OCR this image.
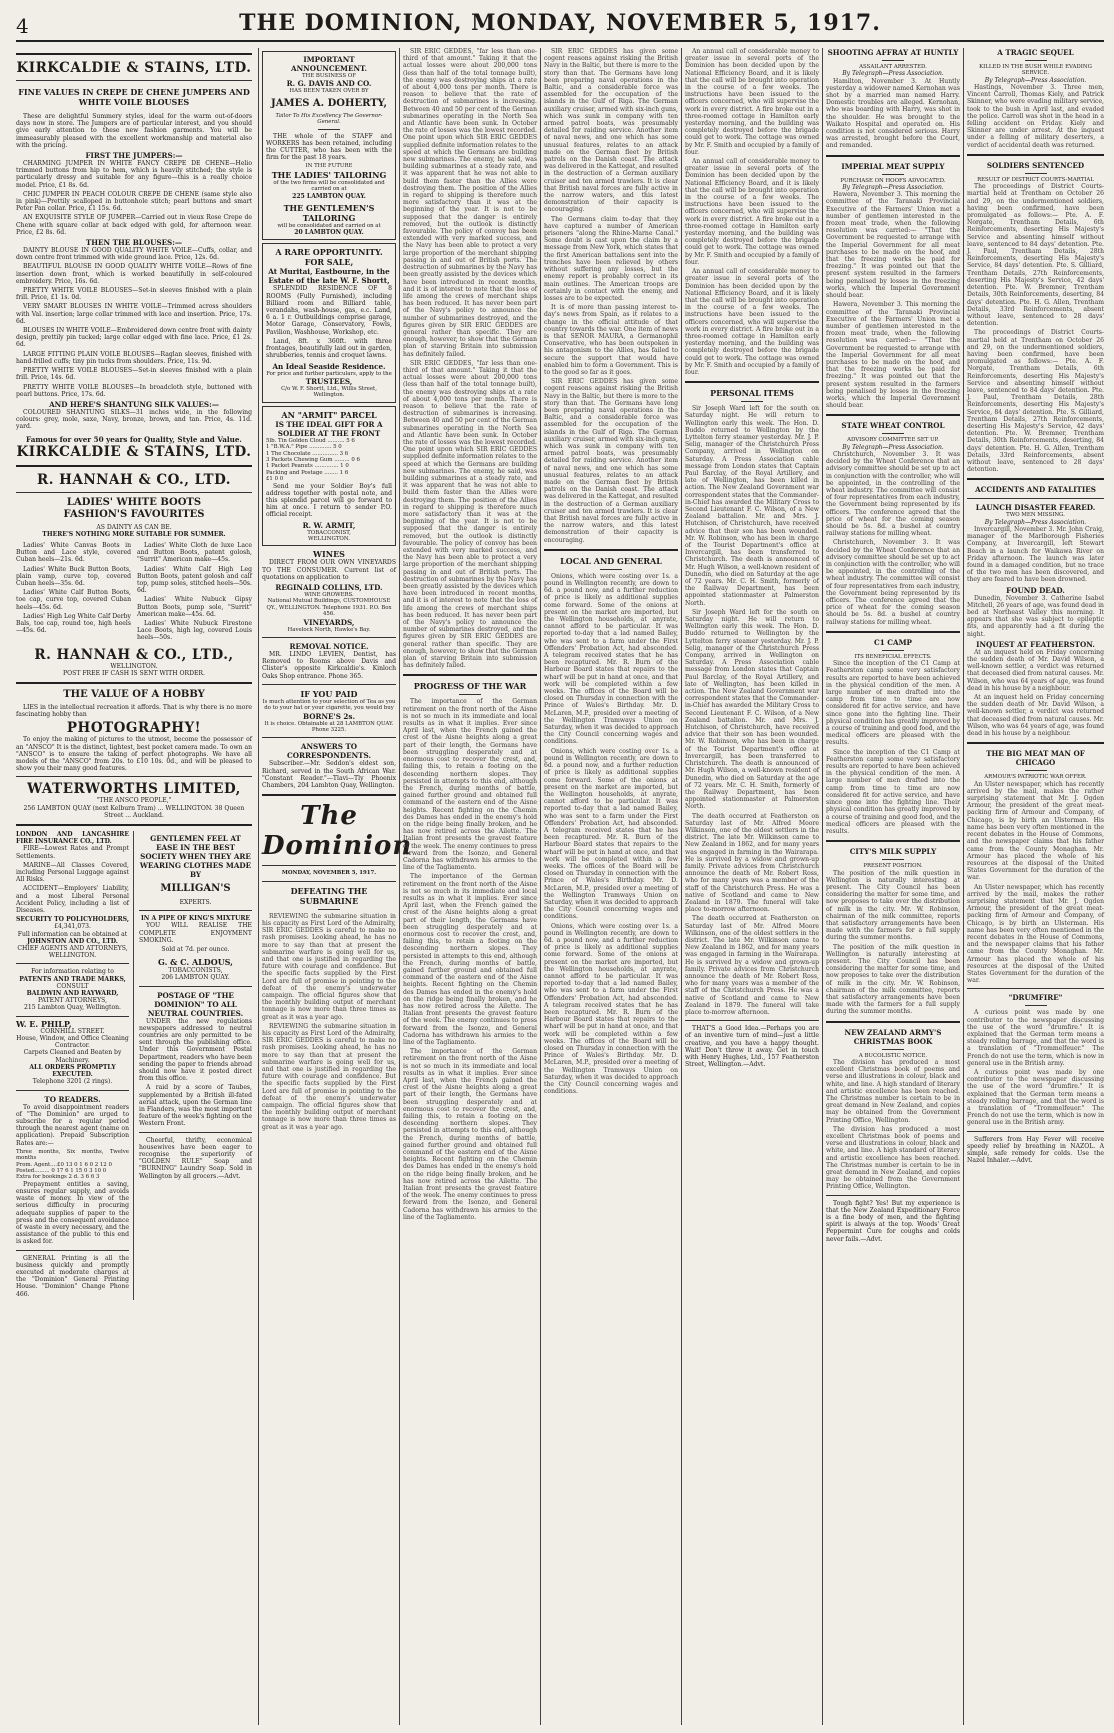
4	THE DOMINION, MONDAY, NOVEMBER 5, 1917.
KIRKCALDIE & STAINS, LTD.
FINE VALUES IN CREPE DE CHENE JUMPERS AND WHITE VOILE BLOUSES

These are delightful Summery styles, ideal for the warm out-of-doors days now in store. The Jumpers are of particular interest, and you should give early attention to these new fashion garments. You will be immeasurably pleased with the excellent workmanship and material also with the pricing.

FIRST THE JUMPERS:—

CHARMING JUMPER IN WHITE FANCY CREPE DE CHENE—Helio trimmed buttons from hip to hem, which is heavily stitched; the style is particularly dressy and suitable for any figure—this is a really choice model. Price, £1 8s. 6d.

CHIC JUMPER IN PEACH COLOUR CREPE DE CHENE (same style also in pink)—Prettily scalloped in buttonhole stitch; pearl buttons and smart Peter Pan collar. Price, £1 15s. 6d.

AN EXQUISITE STYLE OF JUMPER—Carried out in vieux Rose Crepe de Chene with square collar at back edged with gold, for afternoon wear. Price, £2 8s. 6d.

THEN THE BLOUSES:—

DAINTY BLOUSE IN GOOD QUALITY WHITE VOILE—Cuffs, collar, and down centre front trimmed with wide ground lace. Price, 12s. 6d.

BEAUTIFUL BLOUSE IN GOOD QUALITY WHITE VOILE—Rows of fine insertion down front, which is worked beautifully in self-coloured embroidery. Price, 16s. 6d.

PRETTY WHITE VOILE BLOUSES—Set-in sleeves finished with a plain frill. Price, £1 1s. 0d.

VERY SMART BLOUSES IN WHITE VOILE—Trimmed across shoulders with Val. insertion; large collar trimmed with lace and insertion. Price, 17s. 6d.

BLOUSES IN WHITE VOILE—Embroidered down centre front with dainty design, prettily pin tucked; large collar edged with fine lace. Price, £1 2s. 6d.

LARGE FITTING PLAIN VOILE BLOUSES—Raglan sleeves, finished with hand-frilled cuffs; tiny pin tucks from shoulders. Price, 11s. 9d.

PRETTY WHITE VOILE BLOUSES—Set-in sleeves finished with a plain frill. Price, 14s. 6d.

PRETTY WHITE VOILE BLOUSES—In broadcloth style, buttoned with pearl buttons. Price, 17s. 6d.

AND HERE'S SHANTUNG SILK VALUES:—

COLOURED SHANTUNG SILKS—31 inches wide, in the following colours: grey, mole, saxe, Navy, bronze, brown, and tan. Price, 4s. 11d. yard.

Famous for over 50 years for Quality, Style and Value.
KIRKCALDIE & STAINS, LTD.
R. HANNAH & CO., LTD.
LADIES' WHITE BOOTS
FASHION'S FAVOURITES
AS DAINTY AS CAN BE.
THERE'S NOTHING MORE SUITABLE FOR SUMMER.

Ladies' White Canvas Boots in Button and Lace style, covered Cuban heels—21s. 6d.

Ladies' White Buck Button Boots, plain vamp, curve top, covered Cuban heels—35s. 6d.

Ladies' White Calf Button Boots, toe cap, curve top, covered Cuban heels—45s. 6d.

Ladies' High Leg White Calf Derby Bals, toe cap, round toe, high heels—45s. 6d.

Ladies' White Cloth de luxe Lace and Button Boots, patent golosh, "Surrit" American make—45s.

Ladies' White Calf High Leg Button Boots, patent golosh and calf top, pump soles, stitched heels—50s. 6d.

Ladies' White Nubuck Gipsy Button Boots, pump sole, "Surrit" American make—45s. 6d.

Ladies' White Nubuck Firestone Lace Boots, high leg, covered Louis heels—50s.

R. HANNAH & CO., LTD.,
WELLINGTON.
POST FREE IF CASH IS SENT WITH ORDER.
THE VALUE OF A HOBBY

LIES in the intellectual recreation it affords. That is why there is no more fascinating hobby than

PHOTOGRAPHY!

To enjoy the making of pictures to the utmost, become the possessor of an "ANSCO" It is the distinct, lightest, best pocket camera made. To own an "ANSCO" is to ensure the taking of perfect photographs. We have all models of the "ANSCO" from 20s. to £10 10s. 0d., and will be pleased to show you their many good features.

WATERWORTHS LIMITED,
"THE ANSCO PEOPLE,"
256 LAMBTON QUAY (next Kelburn Tram) ... WELLINGTON. 38 Queen Street ... Auckland.
LONDON AND LANCASHIRE FIRE INSURANCE CO., LTD.

FIRE—Lowest Rates and Prompt Settlements.

MARINE—All Classes Covered, including Personal Luggage against All Risks.

ACCIDENT—Employers' Liability, and a most Liberal Personal Accident Policy, including a list of Diseases.

SECURITY TO POLICYHOLDERS,
£4,341,073.
Full information can be obtained at
JOHNSTON AND CO., LTD.
CHIEF AGENTS AND ATTORNEYS,
WELLINGTON.
For information relating to
PATENTS AND TRADE MARKS,
CONSULT
BALDWIN AND RAYWARD,
PATENT ATTORNEYS,
215 Lambton Quay, Wellington.
W. E. PHILP,
CORNHILL STREET.
House, Window, and Office Cleaning Contractor.
Carpets Cleaned and Beaten by Machinery.
ALL ORDERS PROMPTLY EXECUTED.
Telephone 3201 (2 rings).
TO READERS.

To avoid disappointment readers of "The Dominion" are urged to subscribe for a regular period through the nearest agent (name on application). Prepaid Subscription Rates are:—

Three months, Six months, Twelve months
Prom. Agent....£0 13 0 1 6 0 2 12 0
Posted......... 0 17 6 1 15 0 3 10 0
Extra for bookings 2 d. 3 6 6 3

Prepayment entitles a saving, ensures regular supply, and avoids waste of money. In view of the serious difficulty in procuring adequate supplies of paper to the press and the consequent avoidance of waste in every necessary, and the assistance of the public to this end is asked for.

GENERAL Printing is all the business quickly and promptly executed at moderate charges at the "Dominion" General Printing House. "Dominion" Change Phone 466.

GENTLEMEN FEEL AT EASE IN THE BEST SOCIETY WHEN THEY ARE WEARING CLOTHES MADE BY
MILLIGAN'S
EXPERTS.
IN A PIPE OF KING'S MIXTURE

YOU WILL REALISE THE COMPLETE ENJOYMENT SMOKING.

Sold at 7d. per ounce.
G. & C. ALDOUS,
TOBACCONISTS,
206 LAMBTON QUAY.
POSTAGE OF "THE DOMINION" TO ALL NEUTRAL COUNTRIES.

UNDER the new regulations newspapers addressed to neutral countries are only permitted to be sent through the publishing office. Under this Government Postal Department, readers who have been sending the paper to friends abroad should now have it posted direct from this office.

A raid by a score of Taubes, supplemented by a British ill-fated aerial attack, upon the German line in Flanders, was the most important feature of the week's fighting on the Western Front.

Cheerful, thrifty, economical housewives have been eager to recognise the superiority of "GOLDEN RULE" Soap and "BURNING" Laundry Soap. Sold in Wellington by all grocers.—Advt.

IMPORTANT ANNOUNCEMENT.
THE BUSINESS OF
R. G. DAVIS AND CO.
HAS BEEN TAKEN OVER BY
JAMES A. DOHERTY,
Tailor To His Excellency The Governor-General.

THE whole of the STAFF and WORKERS has been retained, including the CUTTER, who has been with the firm for the past 18 years.

IN THE FUTURE
THE LADIES' TAILORING
of the two firms will be consolidated and carried on at
225 LAMBTON QUAY.
THE GENTLEMEN'S TAILORING
will be consolidated and carried on at
20 LAMBTON QUAY.
A RARE OPPORTUNITY.
FOR SALE,
At Muritai, Eastbourne, in the Estate of the late W. F. Shortt,

SPLENDID RESIDENCE OF 8 ROOMS (Fully Furnished), including Billiard room and Billiard table, verandahs, wash-house, gas, e.c. Land, 6 a. 1 r. Outbuildings comprise garage, Motor Garage, Conservatory, Fowls, Pavilion, Washhouse, Workshop, etc.

Land, 8ft. x 360ft. with three frontages, beautifully laid out in garden, shrubberies, tennis and croquet lawns.

An Ideal Seaside Residence.
For price and further particulars, apply to the
TRUSTEES,
C/o W. F. Shortt, Ltd., Willis Street, Wellington.
AN "ARMIT" PARCEL
IS THE IDEAL GIFT FOR A SOLDIER AT THE FRONT
5lb. Tin Golden Cloud .......... 5 6
1 "B.W.A." Pipe ............. 5 0
1 The Chocolate ............... 3 6
3 Packets Chewing Gum ......... 0 6
1 Packet Peanuts .............. 1 0
Packing and Postage ........ 1 6
£1 0 0

Send me your Soldier Boy's full address together with postal note, and this splendid parcel will go forward to him at once. I return to sender P.O. official receipt.

R. W. ARMIT,
TOBACCONIST,
WELLINGTON.
WINES

DIRECT FROM OUR OWN VINEYARDS TO THE CONSUMER. Current list of quotations on application to

REGINALD COLLINS, LTD.
WINE GROWERS.
National Mutual Buildings, CUSTOMHOUSE QY., WELLINGTON. Telephone 1931. P.O. Box 456.
VINEYARDS,
Havelock North, Hawke's Bay.
REMOVAL NOTICE.

MR. LINDO LEVIEN, Dentist, has Removed to Rooms above Davis and Clister's opposite Kirkcaldie's. Kinloch Oaks Shop entrance. Phone 365.

IF YOU PAID
Is much attention to your selection of Tea as you do to your hat or your cigarette, you would buy
BORNE'S 2s.
It is choice. Obtainable at 28 LAMBTON QUAY. Phone 3225.
ANSWERS TO CORRESPONDENTS.

Subscriber.—Mr. Seddon's eldest son, Richard, served in the South African War. "Constant Reader."—Tlavi—Tly Phoenix Chambers, 204 Lambton Quay, Wellington.

The Dominion
MONDAY, NOVEMBER 5, 1917.
DEFEATING THE SUBMARINE

REVIEWING the submarine situation in his capacity as First Lord of the Admiralty, SIR ERIC GEDDES is careful to make no rash promises. Looking ahead, he has no more to say than that at present the submarine warfare is going well for us, and that one is justified in regarding the future with courage and confidence. But the specific facts supplied by the First Lord are full of promise in pointing to the defeat of the enemy's underwater campaign. The official figures show that the monthly building output of merchant tonnage is now more than three times as great as it was a year ago.

REVIEWING the submarine situation in his capacity as First Lord of the Admiralty, SIR ERIC GEDDES is careful to make no rash promises. Looking ahead, he has no more to say than that at present the submarine warfare is going well for us, and that one is justified in regarding the future with courage and confidence. But the specific facts supplied by the First Lord are full of promise in pointing to the defeat of the enemy's underwater campaign. The official figures show that the monthly building output of merchant tonnage is now more than three times as great as it was a year ago.

SIR ERIC GEDDES, "far less than one-third of that amount." Taking it that the actual losses were about 200,000 tons (less than half of the total tonnage built), the enemy was destroying ships at a rate of about 4,000 tons per month. There is reason to believe that the rate of destruction of submarines is increasing. Between 40 and 50 per cent of the German submarines operating in the North Sea and Atlantic have been sunk. In October the rate of losses was the lowest recorded. One point upon which SIR ERIC GEDDES supplied definite information relates to the speed at which the Germans are building new submarines. The enemy, he said, was building submarines at a steady rate, and it was apparent that he was not able to build them faster than the Allies were destroying them. The position of the Allies in regard to shipping is therefore much more satisfactory than it was at the beginning of the year. It is not to be supposed that the danger is entirely removed, but the outlook is distinctly favourable. The policy of convoy has been extended with very marked success, and the Navy has been able to protect a very large proportion of the merchant shipping passing in and out of British ports. The destruction of submarines by the Navy has been greatly assisted by the devices which have been introduced in recent months, and it is of interest to note that the loss of life among the crews of merchant ships has been reduced. It has never been part of the Navy's policy to announce the number of submarines destroyed, and the figures given by SIR ERIC GEDDES are general rather than specific. They are enough, however, to show that the German plan of starving Britain into submission has definitely failed.

SIR ERIC GEDDES, "far less than one-third of that amount." Taking it that the actual losses were about 200,000 tons (less than half of the total tonnage built), the enemy was destroying ships at a rate of about 4,000 tons per month. There is reason to believe that the rate of destruction of submarines is increasing. Between 40 and 50 per cent of the German submarines operating in the North Sea and Atlantic have been sunk. In October the rate of losses was the lowest recorded. One point upon which SIR ERIC GEDDES supplied definite information relates to the speed at which the Germans are building new submarines. The enemy, he said, was building submarines at a steady rate, and it was apparent that he was not able to build them faster than the Allies were destroying them. The position of the Allies in regard to shipping is therefore much more satisfactory than it was at the beginning of the year. It is not to be supposed that the danger is entirely removed, but the outlook is distinctly favourable. The policy of convoy has been extended with very marked success, and the Navy has been able to protect a very large proportion of the merchant shipping passing in and out of British ports. The destruction of submarines by the Navy has been greatly assisted by the devices which have been introduced in recent months, and it is of interest to note that the loss of life among the crews of merchant ships has been reduced. It has never been part of the Navy's policy to announce the number of submarines destroyed, and the figures given by SIR ERIC GEDDES are general rather than specific. They are enough, however, to show that the German plan of starving Britain into submission has definitely failed.

PROGRESS OF THE WAR

The importance of the German retirement on the front north of the Aisne is not so much in its immediate and local results as in what it implies. Ever since April last, when the French gained the crest of the Aisne heights along a great part of their length, the Germans have been struggling desperately and at enormous cost to recover the crest, and, failing this, to retain a footing on the descending northern slopes. They persisted in attempts to this end, although the French, during months of battle, gained further ground and obtained full command of the eastern end of the Aisne heights. Recent fighting on the Chemin des Dames has ended in the enemy's hold on the ridge being finally broken, and he has now retired across the Ailette. The Italian front presents the gravest feature of the week. The enemy continues to press forward from the Isonzo, and General Cadorna has withdrawn his armies to the line of the Tagliamento.

The importance of the German retirement on the front north of the Aisne is not so much in its immediate and local results as in what it implies. Ever since April last, when the French gained the crest of the Aisne heights along a great part of their length, the Germans have been struggling desperately and at enormous cost to recover the crest, and, failing this, to retain a footing on the descending northern slopes. They persisted in attempts to this end, although the French, during months of battle, gained further ground and obtained full command of the eastern end of the Aisne heights. Recent fighting on the Chemin des Dames has ended in the enemy's hold on the ridge being finally broken, and he has now retired across the Ailette. The Italian front presents the gravest feature of the week. The enemy continues to press forward from the Isonzo, and General Cadorna has withdrawn his armies to the line of the Tagliamento.

The importance of the German retirement on the front north of the Aisne is not so much in its immediate and local results as in what it implies. Ever since April last, when the French gained the crest of the Aisne heights along a great part of their length, the Germans have been struggling desperately and at enormous cost to recover the crest, and, failing this, to retain a footing on the descending northern slopes. They persisted in attempts to this end, although the French, during months of battle, gained further ground and obtained full command of the eastern end of the Aisne heights. Recent fighting on the Chemin des Dames has ended in the enemy's hold on the ridge being finally broken, and he has now retired across the Ailette. The Italian front presents the gravest feature of the week. The enemy continues to press forward from the Isonzo, and General Cadorna has withdrawn his armies to the line of the Tagliamento.

SIR ERIC GEDDES has given some cogent reasons against risking the British Navy in the Baltic, but there is more to the story than that. The Germans have long been preparing naval operations in the Baltic, and a considerable force was assembled for the occupation of the islands in the Gulf of Riga. The German auxiliary cruiser, armed with six-inch guns, which was sunk in company with ten armed patrol boats, was presumably detailed for raiding service. Another item of naval news, and one which has some unusual features, relates to an attack made on the German fleet by British patrols on the Danish coast. The attack was delivered in the Kattegat, and resulted in the destruction of a German auxiliary cruiser and ten armed trawlers. It is clear that British naval forces are fully active in the narrow waters, and this latest demonstration of their capacity is encouraging.

The Germans claim to-day that they have captured a number of American prisoners "along the Rhine-Marne Canal." Some doubt is cast upon the claim by a message from New York, which states that the first American battalions sent into the trenches have been relieved by others without suffering any losses, but the enemy report is probably correct in its main outlines. The American troops are certainly in contact with the enemy, and losses are to be expected.

It is of more than passing interest to-day's news from Spain, as it relates to a change in the official attitude of that country towards the war. One item of news is that SEÑOR MAURA, a Germanophil Conservative, who has been outspoken in his antagonism to the Allies, has failed to secure the support that would have enabled him to form a Government. This is to the good so far as it goes.

SIR ERIC GEDDES has given some cogent reasons against risking the British Navy in the Baltic, but there is more to the story than that. The Germans have long been preparing naval operations in the Baltic, and a considerable force was assembled for the occupation of the islands in the Gulf of Riga. The German auxiliary cruiser, armed with six-inch guns, which was sunk in company with ten armed patrol boats, was presumably detailed for raiding service. Another item of naval news, and one which has some unusual features, relates to an attack made on the German fleet by British patrols on the Danish coast. The attack was delivered in the Kattegat, and resulted in the destruction of a German auxiliary cruiser and ten armed trawlers. It is clear that British naval forces are fully active in the narrow waters, and this latest demonstration of their capacity is encouraging.

LOCAL AND GENERAL

Onions, which were costing over 1s. a pound in Wellington recently, are down to 6d. a pound now, and a further reduction of price is likely as additional supplies come forward. Some of the onions at present on the market are imported, but the Wellington households, at anyrate, cannot afford to be particular. It was reported to-day that a lad named Bailey, who was sent to a farm under the First Offenders' Probation Act, had absconded. A telegram received states that he has been recaptured. Mr. R. Burn of the Harbour Board states that repairs to the wharf will be put in hand at once, and that work will be completed within a few weeks. The offices of the Board will be closed on Thursday in connection with the Prince of Wales's Birthday. Mr. D. McLaren, M.P., presided over a meeting of the Wellington Tramways Union on Saturday, when it was decided to approach the City Council concerning wages and conditions.

Onions, which were costing over 1s. a pound in Wellington recently, are down to 6d. a pound now, and a further reduction of price is likely as additional supplies come forward. Some of the onions at present on the market are imported, but the Wellington households, at anyrate, cannot afford to be particular. It was reported to-day that a lad named Bailey, who was sent to a farm under the First Offenders' Probation Act, had absconded. A telegram received states that he has been recaptured. Mr. R. Burn of the Harbour Board states that repairs to the wharf will be put in hand at once, and that work will be completed within a few weeks. The offices of the Board will be closed on Thursday in connection with the Prince of Wales's Birthday. Mr. D. McLaren, M.P., presided over a meeting of the Wellington Tramways Union on Saturday, when it was decided to approach the City Council concerning wages and conditions.

Onions, which were costing over 1s. a pound in Wellington recently, are down to 6d. a pound now, and a further reduction of price is likely as additional supplies come forward. Some of the onions at present on the market are imported, but the Wellington households, at anyrate, cannot afford to be particular. It was reported to-day that a lad named Bailey, who was sent to a farm under the First Offenders' Probation Act, had absconded. A telegram received states that he has been recaptured. Mr. R. Burn of the Harbour Board states that repairs to the wharf will be put in hand at once, and that work will be completed within a few weeks. The offices of the Board will be closed on Thursday in connection with the Prince of Wales's Birthday. Mr. D. McLaren, M.P., presided over a meeting of the Wellington Tramways Union on Saturday, when it was decided to approach the City Council concerning wages and conditions.

An annual call of considerable money to greater issue in several ports of the Dominion has been decided upon by the National Efficiency Board, and it is likely that the call will be brought into operation in the course of a few weeks. The instructions have been issued to the officers concerned, who will supervise the work in every district. A fire broke out in a three-roomed cottage in Hamilton early yesterday morning, and the building was completely destroyed before the brigade could get to work. The cottage was owned by Mr. F. Smith and occupied by a family of four.

An annual call of considerable money to greater issue in several ports of the Dominion has been decided upon by the National Efficiency Board, and it is likely that the call will be brought into operation in the course of a few weeks. The instructions have been issued to the officers concerned, who will supervise the work in every district. A fire broke out in a three-roomed cottage in Hamilton early yesterday morning, and the building was completely destroyed before the brigade could get to work. The cottage was owned by Mr. F. Smith and occupied by a family of four.

An annual call of considerable money to greater issue in several ports of the Dominion has been decided upon by the National Efficiency Board, and it is likely that the call will be brought into operation in the course of a few weeks. The instructions have been issued to the officers concerned, who will supervise the work in every district. A fire broke out in a three-roomed cottage in Hamilton early yesterday morning, and the building was completely destroyed before the brigade could get to work. The cottage was owned by Mr. F. Smith and occupied by a family of four.

PERSONAL ITEMS

Sir Joseph Ward left for the south on Saturday night. He will return to Wellington early this week. The Hon. D. Buddo returned to Wellington by the Lyttelton ferry steamer yesterday. Mr. J. P. Selig, manager of the Christchurch Press Company, arrived in Wellington on Saturday. A Press Association cable message from London states that Captain Paul Barclay, of the Royal Artillery, and late of Wellington, has been killed in action. The New Zealand Government war correspondent states that the Commander-in-Chief has awarded the Military Cross to Second Lieutenant F. C. Wilson, of a New Zealand battalion. Mr. and Mrs. J. Hutchison, of Christchurch, have received advice that their son has been wounded. Mr. W. Robinson, who has been in charge of the Tourist Department's office at Invercargill, has been transferred to Christchurch. The death is announced of Mr. Hugh Wilson, a well-known resident of Dunedin, who died on Saturday at the age of 72 years. Mr. C. H. Smith, formerly of the Railway Department, has been appointed stationmaster at Palmerston North.

Sir Joseph Ward left for the south on Saturday night. He will return to Wellington early this week. The Hon. D. Buddo returned to Wellington by the Lyttelton ferry steamer yesterday. Mr. J. P. Selig, manager of the Christchurch Press Company, arrived in Wellington on Saturday. A Press Association cable message from London states that Captain Paul Barclay, of the Royal Artillery, and late of Wellington, has been killed in action. The New Zealand Government war correspondent states that the Commander-in-Chief has awarded the Military Cross to Second Lieutenant F. C. Wilson, of a New Zealand battalion. Mr. and Mrs. J. Hutchison, of Christchurch, have received advice that their son has been wounded. Mr. W. Robinson, who has been in charge of the Tourist Department's office at Invercargill, has been transferred to Christchurch. The death is announced of Mr. Hugh Wilson, a well-known resident of Dunedin, who died on Saturday at the age of 72 years. Mr. C. H. Smith, formerly of the Railway Department, has been appointed stationmaster at Palmerston North.

The death occurred at Featherston on Saturday last of Mr. Alfred Moore Wilkinson, one of the oldest settlers in the district. The late Mr. Wilkinson came to New Zealand in 1862, and for many years was engaged in farming in the Wairarapa. He is survived by a widow and grown-up family. Private advices from Christchurch announce the death of Mr. Robert Ross, who for many years was a member of the staff of the Christchurch Press. He was a native of Scotland and came to New Zealand in 1879. The funeral will take place to-morrow afternoon.

The death occurred at Featherston on Saturday last of Mr. Alfred Moore Wilkinson, one of the oldest settlers in the district. The late Mr. Wilkinson came to New Zealand in 1862, and for many years was engaged in farming in the Wairarapa. He is survived by a widow and grown-up family. Private advices from Christchurch announce the death of Mr. Robert Ross, who for many years was a member of the staff of the Christchurch Press. He was a native of Scotland and came to New Zealand in 1879. The funeral will take place to-morrow afternoon.

THAT'S a Good Idea.—Perhaps you are of an inventive turn of mind—just a little creative, and you have a happy thought. Wait! Don't throw it away. Get in touch with Henry Hughes, Ltd., 157 Featherston Street, Wellington.—Advt.

SHOOTING AFFRAY AT HUNTLY
ASSAILANT ARRESTED.
By Telegraph—Press Association.

Hamilton, November 3. At Huntly yesterday a widower named Kernohan was shot by a married man named Harry. Domestic troubles are alleged. Kernohan, who was boarding with Harry, was shot in the shoulder. He was brought to the Waikato Hospital and operated on. His condition is not considered serious. Harry was arrested, brought before the Court, and remanded.

IMPERIAL MEAT SUPPLY
PURCHASE ON HOOFS ADVOCATED.
By Telegraph—Press Association.

Hawera, November 3. This morning the committee of the Taranaki Provincial Executive of the Farmers' Union met a number of gentlemen interested in the frozen meat trade, when the following resolution was carried:— "That the Government be requested to arrange with the Imperial Government for all meat purchases to be made on the hoof, and that the freezing works be paid for freezing." It was pointed out that the present system resulted in the farmers being penalised by losses in the freezing works, which the Imperial Government should bear.

Hawera, November 3. This morning the committee of the Taranaki Provincial Executive of the Farmers' Union met a number of gentlemen interested in the frozen meat trade, when the following resolution was carried:— "That the Government be requested to arrange with the Imperial Government for all meat purchases to be made on the hoof, and that the freezing works be paid for freezing." It was pointed out that the present system resulted in the farmers being penalised by losses in the freezing works, which the Imperial Government should bear.

STATE WHEAT CONTROL
ADVISORY COMMITTEE SET UP.
By Telegraph—Press Association.

Christchurch, November 3. It was decided by the Wheat Conference that an advisory committee should be set up to act in conjunction with the controller, who will be appointed, in the controlling of the wheat industry. The committee will consist of four representatives from each industry, the Government being represented by its officers. The conference agreed that the price of wheat for the coming season should be 5s. 8d. a bushel at country railway stations for milling wheat.

Christchurch, November 3. It was decided by the Wheat Conference that an advisory committee should be set up to act in conjunction with the controller, who will be appointed, in the controlling of the wheat industry. The committee will consist of four representatives from each industry, the Government being represented by its officers. The conference agreed that the price of wheat for the coming season should be 5s. 8d. a bushel at country railway stations for milling wheat.

C1 CAMP
ITS BENEFICIAL EFFECTS.

Since the inception of the C1 Camp at Featherston camp some very satisfactory results are reported to have been achieved in the physical condition of the men. A large number of men drafted into the camp from time to time are now considered fit for active service, and have since gone into the fighting line. Their physical condition has greatly improved by a course of training and good food, and the medical officers are pleased with the results.

Since the inception of the C1 Camp at Featherston camp some very satisfactory results are reported to have been achieved in the physical condition of the men. A large number of men drafted into the camp from time to time are now considered fit for active service, and have since gone into the fighting line. Their physical condition has greatly improved by a course of training and good food, and the medical officers are pleased with the results.

CITY'S MILK SUPPLY
PRESENT POSITION.

The position of the milk question in Wellington is naturally interesting at present. The City Council has been considering the matter for some time, and now proposes to take over the distribution of milk in the city. Mr. W. Robinson, chairman of the milk committee, reports that satisfactory arrangements have been made with the farmers for a full supply during the summer months.

The position of the milk question in Wellington is naturally interesting at present. The City Council has been considering the matter for some time, and now proposes to take over the distribution of milk in the city. Mr. W. Robinson, chairman of the milk committee, reports that satisfactory arrangements have been made with the farmers for a full supply during the summer months.

NEW ZEALAND ARMY'S CHRISTMAS BOOK
A BUCOLISTIC NOTICE.

The division has produced a most excellent Christmas book of poems and verse and illustrations in colour, black and white, and line. A high standard of literary and artistic excellence has been reached. The Christmas number is certain to be in great demand in New Zealand, and copies may be obtained from the Government Printing Office, Wellington.

The division has produced a most excellent Christmas book of poems and verse and illustrations in colour, black and white, and line. A high standard of literary and artistic excellence has been reached. The Christmas number is certain to be in great demand in New Zealand, and copies may be obtained from the Government Printing Office, Wellington.

Tough fight? Yes! But my experience is that the New Zealand Expeditionary Force is a fine body of men, and the fighting spirit is always at the top. Woods' Great Peppermint Cure for coughs and colds never fails.—Advt.

A TRAGIC SEQUEL
KILLED IN THE BUSH WHILE EVADING SERVICE.
By Telegraph—Press Association.

Hastings, November 3. Three men, Vincent Carroll, Thomas Kiely, and Patrick Skinner, who were evading military service, took to the bush in April last, and evaded the police. Carroll was shot in the head in a felling accident on Friday. Kiely and Skinner are under arrest. At the inquest under a felling of military deserters, a verdict of accidental death was returned.

SOLDIERS SENTENCED
RESULT OF DISTRICT COURTS-MARTIAL

The proceedings of District Courts-martial held at Trentham on October 26 and 29, on the undermentioned soldiers, having been confirmed, have been promulgated as follows:— Pte. A. F. Norgate, Trentham Details, 6th Reinforcements, deserting His Majesty's Service and absenting himself without leave, sentenced to 84 days' detention. Pte. J. Paul, Trentham Details, 28th Reinforcements, deserting His Majesty's Service, 84 days' detention. Pte. S. Gilliard, Trentham Details, 27th Reinforcements, deserting His Majesty's Service, 42 days' detention. Pte. W. Bremner, Trentham Details, 30th Reinforcements, deserting, 84 days' detention. Pte. H. G. Allen, Trentham Details, 33rd Reinforcements, absent without leave, sentenced to 28 days' detention.

The proceedings of District Courts-martial held at Trentham on October 26 and 29, on the undermentioned soldiers, having been confirmed, have been promulgated as follows:— Pte. A. F. Norgate, Trentham Details, 6th Reinforcements, deserting His Majesty's Service and absenting himself without leave, sentenced to 84 days' detention. Pte. J. Paul, Trentham Details, 28th Reinforcements, deserting His Majesty's Service, 84 days' detention. Pte. S. Gilliard, Trentham Details, 27th Reinforcements, deserting His Majesty's Service, 42 days' detention. Pte. W. Bremner, Trentham Details, 30th Reinforcements, deserting, 84 days' detention. Pte. H. G. Allen, Trentham Details, 33rd Reinforcements, absent without leave, sentenced to 28 days' detention.

ACCIDENTS AND FATALITIES
LAUNCH DISASTER FEARED.
TWO MEN MISSING.
By Telegraph—Press Association.

Invercargill, November 3. Mr. John Craig, manager of the Marlborough Fisheries Company, at Invercargill, left Stewart Beach in a launch for Waikawa River on Friday afternoon. The launch was later found in a damaged condition, but no trace of the two men has been discovered, and they are feared to have been drowned.

FOUND DEAD.

Dunedin, November 3. Catherine Isabel Mitchell, 26 years of age, was found dead in bed at Northeast Valley this morning. It appears that she was subject to epileptic fits, and apparently had a fit during the night.

INQUEST AT FEATHERSTON.

At an inquest held on Friday concerning the sudden death of Mr. David Wilson, a well-known settler, a verdict was returned that deceased died from natural causes. Mr. Wilson, who was 64 years of age, was found dead in his house by a neighbour.

At an inquest held on Friday concerning the sudden death of Mr. David Wilson, a well-known settler, a verdict was returned that deceased died from natural causes. Mr. Wilson, who was 64 years of age, was found dead in his house by a neighbour.

THE BIG MEAT MAN OF CHICAGO
ARMOUR'S PATRIOTIC WAR OFFER.

An Ulster newspaper, which has recently arrived by the mail, makes the rather surprising statement that Mr. J. Ogden Armour, the president of the great meat-packing firm of Armour and Company, of Chicago, is by birth an Ulsterman. His name has been very often mentioned in the recent debates in the House of Commons, and the newspaper claims that his father came from the County Monaghan. Mr. Armour has placed the whole of his resources at the disposal of the United States Government for the duration of the war.

An Ulster newspaper, which has recently arrived by the mail, makes the rather surprising statement that Mr. J. Ogden Armour, the president of the great meat-packing firm of Armour and Company, of Chicago, is by birth an Ulsterman. His name has been very often mentioned in the recent debates in the House of Commons, and the newspaper claims that his father came from the County Monaghan. Mr. Armour has placed the whole of his resources at the disposal of the United States Government for the duration of the war.

"DRUMFIRE"

A curious point was made by one contributor to the newspaper discussing the use of the word "drumfire." It is explained that the German term means a steady rolling barrage, and that the word is a translation of "Trommelfeuer." The French do not use the term, which is now in general use in the British army.

A curious point was made by one contributor to the newspaper discussing the use of the word "drumfire." It is explained that the German term means a steady rolling barrage, and that the word is a translation of "Trommelfeuer." The French do not use the term, which is now in general use in the British army.

Sufferers from Hay Fever will receive speedy relief by breathing in NAZOL. A simple, safe remedy for colds. Use the Nazol Inhaler.—Advt.
